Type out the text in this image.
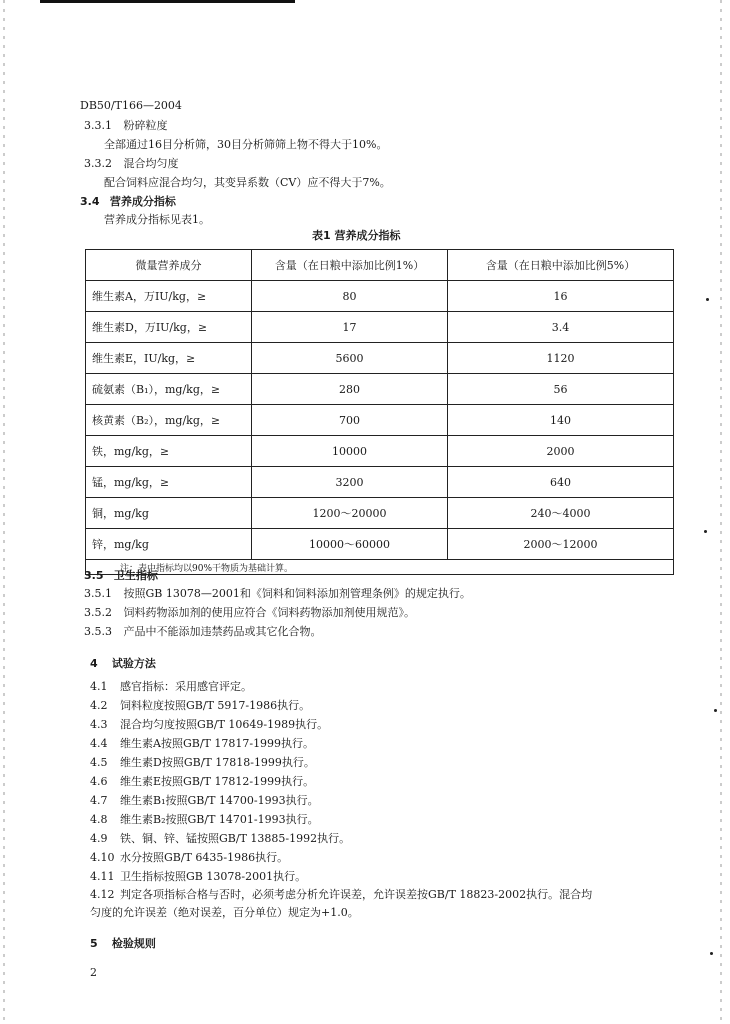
DB50/T166—2004
3.3.1 粉碎粒度
全部通过16目分析筛，30目分析筛筛上物不得大于10%。
3.3.2 混合均匀度
配合饲料应混合均匀，其变异系数（CV）应不得大于7%。
3.4 营养成分指标
营养成分指标见表1。
表1 营养成分指标
微量营养成分	含量（在日粮中添加比例1%）	含量（在日粮中添加比例5%）
维生素A，万IU/kg，≥	80	16
维生素D，万IU/kg，≥	17	3.4
维生素E，IU/kg，≥	5600	1120
硫氨素（B₁），mg/kg，≥	280	56
核黄素（B₂），mg/kg，≥	700	140
铁，mg/kg，≥	10000	2000
锰，mg/kg，≥	3200	640
铜，mg/kg	1200～20000	240～4000
锌，mg/kg	10000～60000	2000～12000
注：表中指标均以90%干物质为基础计算。		
3.5 卫生指标
3.5.1 按照GB 13078—2001和《饲料和饲料添加剂管理条例》的规定执行。
3.5.2 饲料药物添加剂的使用应符合《饲料药物添加剂使用规范》。
3.5.3 产品中不能添加违禁药品或其它化合物。
4 试验方法
4.1 感官指标：采用感官评定。
4.2 饲料粒度按照GB/T 5917-1986执行。
4.3 混合均匀度按照GB/T 10649-1989执行。
4.4 维生素A按照GB/T 17817-1999执行。
4.5 维生素D按照GB/T 17818-1999执行。
4.6 维生素E按照GB/T 17812-1999执行。
4.7 维生素B₁按照GB/T 14700-1993执行。
4.8 维生素B₂按照GB/T 14701-1993执行。
4.9 铁、铜、锌、锰按照GB/T 13885-1992执行。
4.10 水分按照GB/T 6435-1986执行。
4.11 卫生指标按照GB 13078-2001执行。
4.12 判定各项指标合格与否时，必须考虑分析允许误差，允许误差按GB/T 18823-2002执行。混合均
匀度的允许误差（绝对误差，百分单位）规定为+1.0。
5 检验规则
2
